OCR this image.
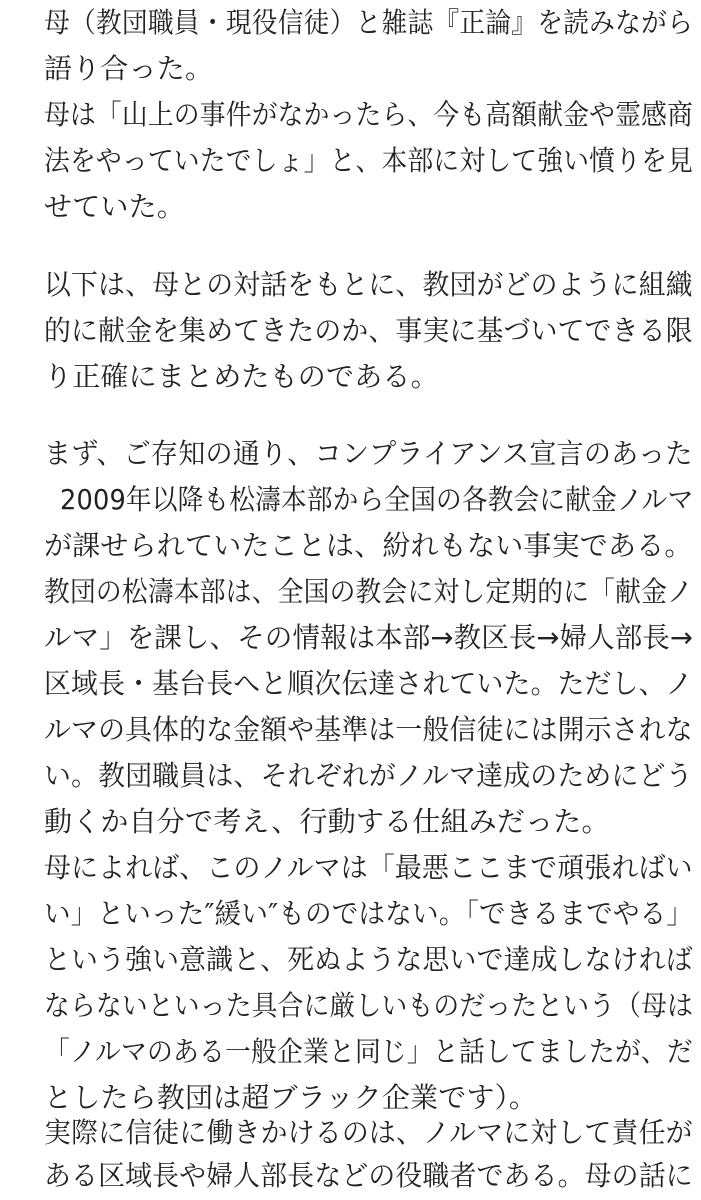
母（教団職員・現役信徒）と雑誌『正論』を読みながら
語り合った。
母は「山上の事件がなかったら、今も高額献金や霊感商
法をやっていたでしょ」と、本部に対して強い憤りを見
せていた。
以下は、母との対話をもとに、教団がどのように組織
的に献金を集めてきたのか、事実に基づいてできる限
り正確にまとめたものである。
まず、ご存知の通り、コンプライアンス宣言のあった
2009年以降も松濤本部から全国の各教会に献金ノルマ
が課せられていたことは、紛れもない事実である。
教団の松濤本部は、全国の教会に対し定期的に「献金ノ
ルマ」を課し、その情報は本部→教区長→婦人部長→
区域長・基台長へと順次伝達されていた。ただし、ノ
ルマの具体的な金額や基準は一般信徒には開示されな
い。教団職員は、それぞれがノルマ達成のためにどう
動くか自分で考え、行動する仕組みだった。
母によれば、このノルマは「最悪ここまで頑張ればい
い」といった″緩い″ものではない。「できるまでやる」
という強い意識と、死ぬような思いで達成しなければ
ならないといった具合に厳しいものだったという（母は
「ノルマのある一般企業と同じ」と話してましたが、だ
としたら教団は超ブラック企業です）。
実際に信徒に働きかけるのは、ノルマに対して責任が
ある区域長や婦人部長などの役職者である。母の話に
